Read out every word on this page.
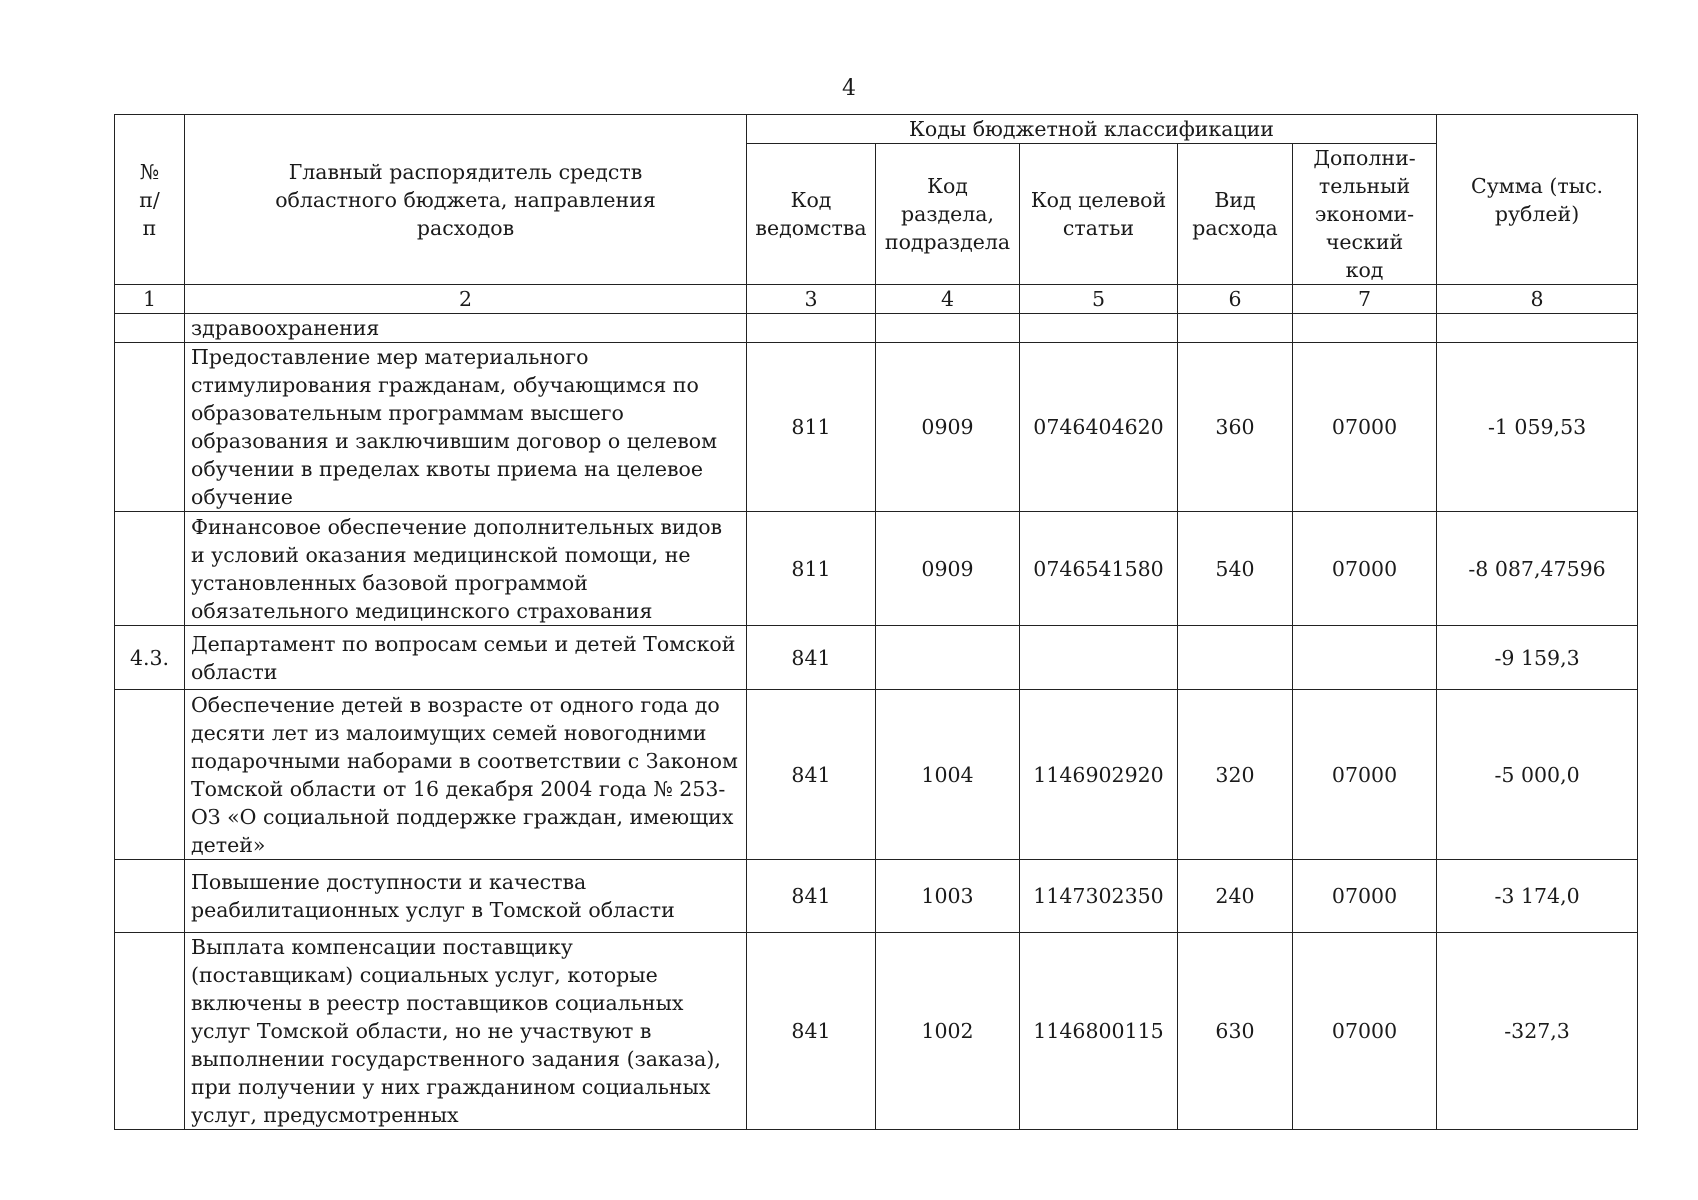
4
№ п/п	Главный распорядитель средств областного бюджета, направления расходов	Коды бюджетной классификации					Сумма (тыс. рублей)
		Код ведомства	Код раздела, подраздела	Код целевой статьи	Вид расхода	Дополни-тельный экономи-ческий код	
1	2	3	4	5	6	7	8
	здравоохранения						
	Предоставление мер материального стимулирования гражданам, обучающимся по образовательным программам высшего образования и заключившим договор о целевом обучении в пределах квоты приема на целевое обучение	811	0909	0746404620	360	07000	-1 059,53
	Финансовое обеспечение дополнительных видов и условий оказания медицинской помощи, не установленных базовой программой обязательного медицинского страхования	811	0909	0746541580	540	07000	-8 087,47596
4.3.	Департамент по вопросам семьи и детей Томской области	841					-9 159,3
	Обеспечение детей в возрасте от одного года до десяти лет из малоимущих семей новогодними подарочными наборами в соответствии с Законом Томской области от 16 декабря 2004 года № 253-ОЗ «О социальной поддержке граждан, имеющих детей»	841	1004	1146902920	320	07000	-5 000,0
	Повышение доступности и качества реабилитационных услуг в Томской области	841	1003	1147302350	240	07000	-3 174,0
	Выплата компенсации поставщику (поставщикам) социальных услуг, которые включены в реестр поставщиков социальных услуг Томской области, но не участвуют в выполнении государственного задания (заказа), при получении у них гражданином социальных услуг, предусмотренных	841	1002	1146800115	630	07000	-327,3
